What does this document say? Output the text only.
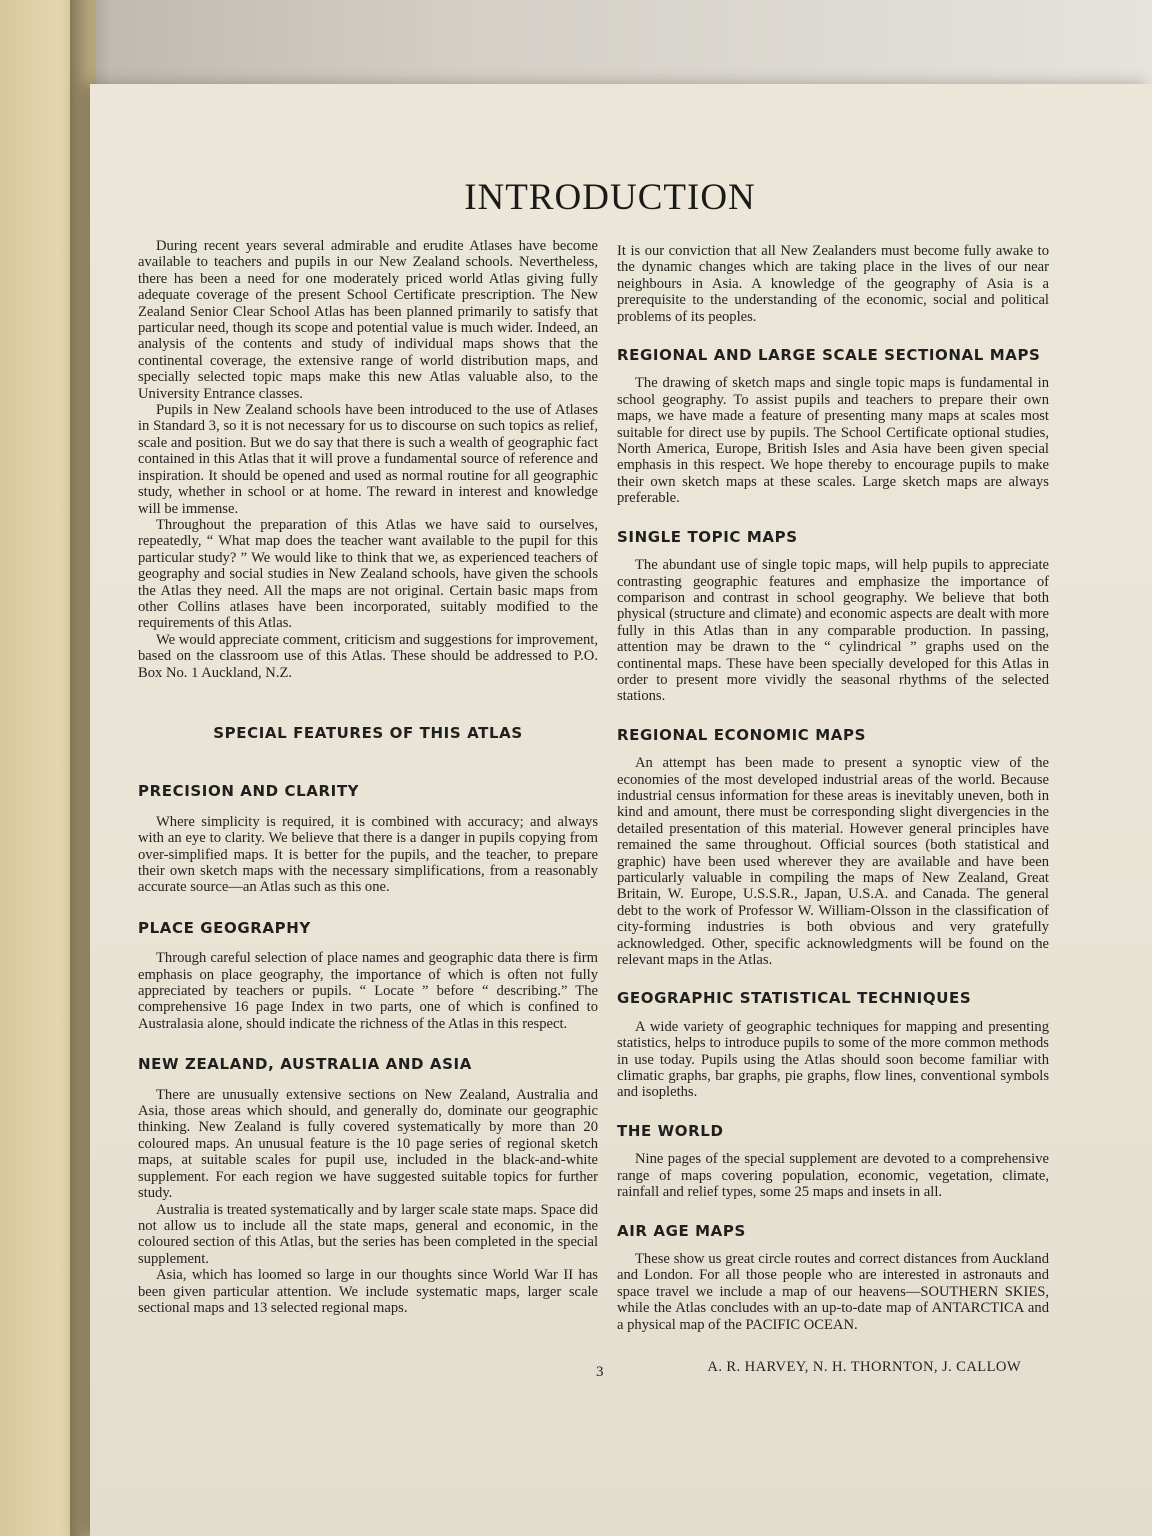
INTRODUCTION

During recent years several admirable and erudite Atlases have become available to teachers and pupils in our New Zealand schools. Nevertheless, there has been a need for one moderately priced world Atlas giving fully adequate coverage of the present School Certificate prescription. The New Zealand Senior Clear School Atlas has been planned primarily to satisfy that particular need, though its scope and potential value is much wider. Indeed, an analysis of the contents and study of individual maps shows that the continental coverage, the extensive range of world distribution maps, and specially selected topic maps make this new Atlas valuable also, to the University Entrance classes.

Pupils in New Zealand schools have been introduced to the use of Atlases in Standard 3, so it is not necessary for us to discourse on such topics as relief, scale and position. But we do say that there is such a wealth of geographic fact contained in this Atlas that it will prove a fundamental source of reference and inspiration. It should be opened and used as normal routine for all geographic study, whether in school or at home. The reward in interest and knowledge will be immense.

Throughout the preparation of this Atlas we have said to ourselves, repeatedly, “ What map does the teacher want available to the pupil for this particular study? ” We would like to think that we, as experienced teachers of geography and social studies in New Zealand schools, have given the schools the Atlas they need. All the maps are not original. Certain basic maps from other Collins atlases have been incorporated, suitably modified to the requirements of this Atlas.

We would appreciate comment, criticism and suggestions for improvement, based on the classroom use of this Atlas. These should be addressed to P.O. Box No. 1 Auckland, N.Z.

SPECIAL FEATURES OF THIS ATLAS
PRECISION AND CLARITY

Where simplicity is required, it is combined with accuracy; and always with an eye to clarity. We believe that there is a danger in pupils copying from over-simplified maps. It is better for the pupils, and the teacher, to prepare their own sketch maps with the necessary simplifications, from a reasonably accurate source—an Atlas such as this one.

PLACE GEOGRAPHY

Through careful selection of place names and geographic data there is firm emphasis on place geography, the importance of which is often not fully appreciated by teachers or pupils. “ Locate ” before “ describing.” The comprehensive 16 page Index in two parts, one of which is confined to Australasia alone, should indicate the richness of the Atlas in this respect.

NEW ZEALAND, AUSTRALIA AND ASIA

There are unusually extensive sections on New Zealand, Australia and Asia, those areas which should, and generally do, dominate our geographic thinking. New Zealand is fully covered systematically by more than 20 coloured maps. An unusual feature is the 10 page series of regional sketch maps, at suitable scales for pupil use, included in the black-and-white supplement. For each region we have suggested suitable topics for further study.

Australia is treated systematically and by larger scale state maps. Space did not allow us to include all the state maps, general and economic, in the coloured section of this Atlas, but the series has been completed in the special supplement.

Asia, which has loomed so large in our thoughts since World War II has been given particular attention. We include systematic maps, larger scale sectional maps and 13 selected regional maps.

It is our conviction that all New Zealanders must become fully awake to the dynamic changes which are taking place in the lives of our near neighbours in Asia. A knowledge of the geography of Asia is a prerequisite to the understanding of the economic, social and political problems of its peoples.

REGIONAL AND LARGE SCALE SECTIONAL MAPS

The drawing of sketch maps and single topic maps is fundamental in school geography. To assist pupils and teachers to prepare their own maps, we have made a feature of presenting many maps at scales most suitable for direct use by pupils. The School Certificate optional studies, North America, Europe, British Isles and Asia have been given special emphasis in this respect. We hope thereby to encourage pupils to make their own sketch maps at these scales. Large sketch maps are always preferable.

SINGLE TOPIC MAPS

The abundant use of single topic maps, will help pupils to appreciate contrasting geographic features and emphasize the importance of comparison and contrast in school geography. We believe that both physical (structure and climate) and economic aspects are dealt with more fully in this Atlas than in any comparable production. In passing, attention may be drawn to the “ cylindrical ” graphs used on the continental maps. These have been specially developed for this Atlas in order to present more vividly the seasonal rhythms of the selected stations.

REGIONAL ECONOMIC MAPS

An attempt has been made to present a synoptic view of the economies of the most developed industrial areas of the world. Because industrial census information for these areas is inevitably uneven, both in kind and amount, there must be corresponding slight divergencies in the detailed presentation of this material. However general principles have remained the same throughout. Official sources (both statistical and graphic) have been used wherever they are available and have been particularly valuable in compiling the maps of New Zealand, Great Britain, W. Europe, U.S.S.R., Japan, U.S.A. and Canada. The general debt to the work of Professor W. William-Olsson in the classification of city-forming industries is both obvious and very gratefully acknowledged. Other, specific acknowledgments will be found on the relevant maps in the Atlas.

GEOGRAPHIC STATISTICAL TECHNIQUES

A wide variety of geographic techniques for mapping and presenting statistics, helps to introduce pupils to some of the more common methods in use today. Pupils using the Atlas should soon become familiar with climatic graphs, bar graphs, pie graphs, flow lines, conventional symbols and isopleths.

THE WORLD

Nine pages of the special supplement are devoted to a comprehensive range of maps covering population, economic, vegetation, climate, rainfall and relief types, some 25 maps and insets in all.

AIR AGE MAPS

These show us great circle routes and correct distances from Auckland and London. For all those people who are interested in astronauts and space travel we include a map of our heavens—SOUTHERN SKIES, while the Atlas concludes with an up-to-date map of ANTARCTICA and a physical map of the PACIFIC OCEAN.

A. R. HARVEY, N. H. THORNTON, J. CALLOW
3
